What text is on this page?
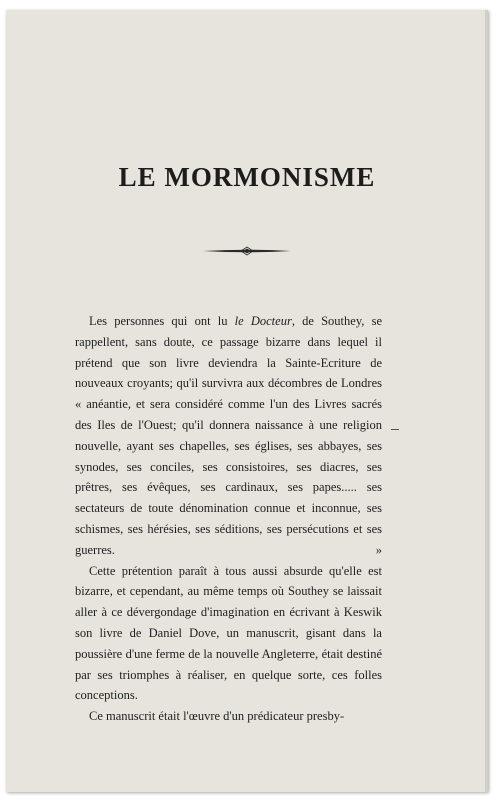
LE MORMONISME

Les personnes qui ont lu le Docteur, de Southey, se rappellent, sans doute, ce passage bizarre dans lequel il prétend que son livre deviendra la Sainte-Ecriture de nouveaux croyants; qu'il survivra aux décombres de Londres « anéantie, et sera considéré comme l'un des Livres sacrés des Iles de l'Ouest; qu'il donnera naissance à une religion nouvelle, ayant ses chapelles, ses églises, ses abbayes, ses synodes, ses conciles, ses consistoires, ses diacres, ses prêtres, ses évêques, ses cardinaux, ses papes..... ses sectateurs de toute dénomination connue et inconnue, ses schismes, ses hérésies, ses séditions, ses persécutions et ses guerres. »

Cette prétention paraît à tous aussi absurde qu'elle est bizarre, et cependant, au même temps où Southey se laissait aller à ce dévergondage d'imagination en écrivant à Keswik son livre de Daniel Dove, un manuscrit, gisant dans la poussière d'une ferme de la nouvelle Angleterre, était destiné par ses triomphes à réaliser, en quelque sorte, ces folles conceptions.

Ce manuscrit était l'œuvre d'un prédicateur presby-
